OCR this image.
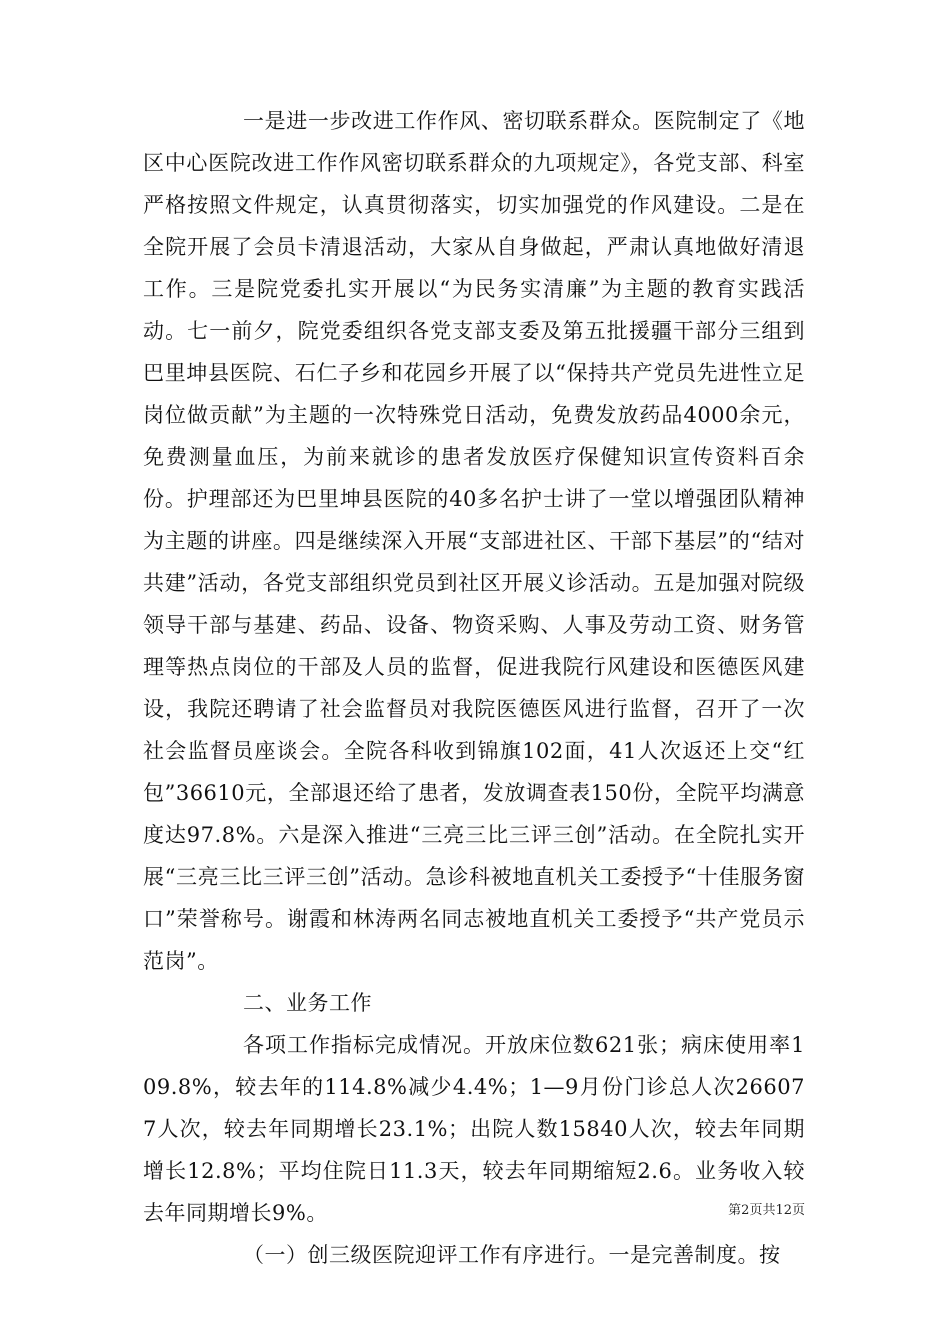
一是进一步改进工作作风、密切联系群众。医院制定了《地区中心医院改进工作作风密切联系群众的九项规定》，各党支部、科室严格按照文件规定，认真贯彻落实，切实加强党的作风建设。二是在全院开展了会员卡清退活动，大家从自身做起，严肃认真地做好清退工作。三是院党委扎实开展以“为民务实清廉”为主题的教育实践活动。七一前夕，院党委组织各党支部支委及第五批援疆干部分三组到巴里坤县医院、石仁子乡和花园乡开展了以“保持共产党员先进性立足岗位做贡献”为主题的一次特殊党日活动，免费发放药品4000余元，免费测量血压，为前来就诊的患者发放医疗保健知识宣传资料百余份。护理部还为巴里坤县医院的40多名护士讲了一堂以增强团队精神为主题的讲座。四是继续深入开展“支部进社区、干部下基层”的“结对共建”活动，各党支部组织党员到社区开展义诊活动。五是加强对院级领导干部与基建、药品、设备、物资采购、人事及劳动工资、财务管理等热点岗位的干部及人员的监督，促进我院行风建设和医德医风建设，我院还聘请了社会监督员对我院医德医风进行监督，召开了一次社会监督员座谈会。全院各科收到锦旗102面，41人次返还上交“红包”36610元，全部退还给了患者，发放调查表150份，全院平均满意度达97.8%。六是深入推进“三亮三比三评三创”活动。在全院扎实开展“三亮三比三评三创”活动。急诊科被地直机关工委授予“十佳服务窗口”荣誉称号。谢霞和林涛两名同志被地直机关工委授予“共产党员示范岗”。

二、业务工作

各项工作指标完成情况。开放床位数621张；病床使用率109.8%，较去年的114.8%减少4.4%；1—9月份门诊总人次266077人次，较去年同期增长23.1%；出院人数15840人次，较去年同期增长12.8%；平均住院日11.3天，较去年同期缩短2.6。业务收入较去年同期增长9%。

（一）创三级医院迎评工作有序进行。一是完善制度。按

第2页共12页
